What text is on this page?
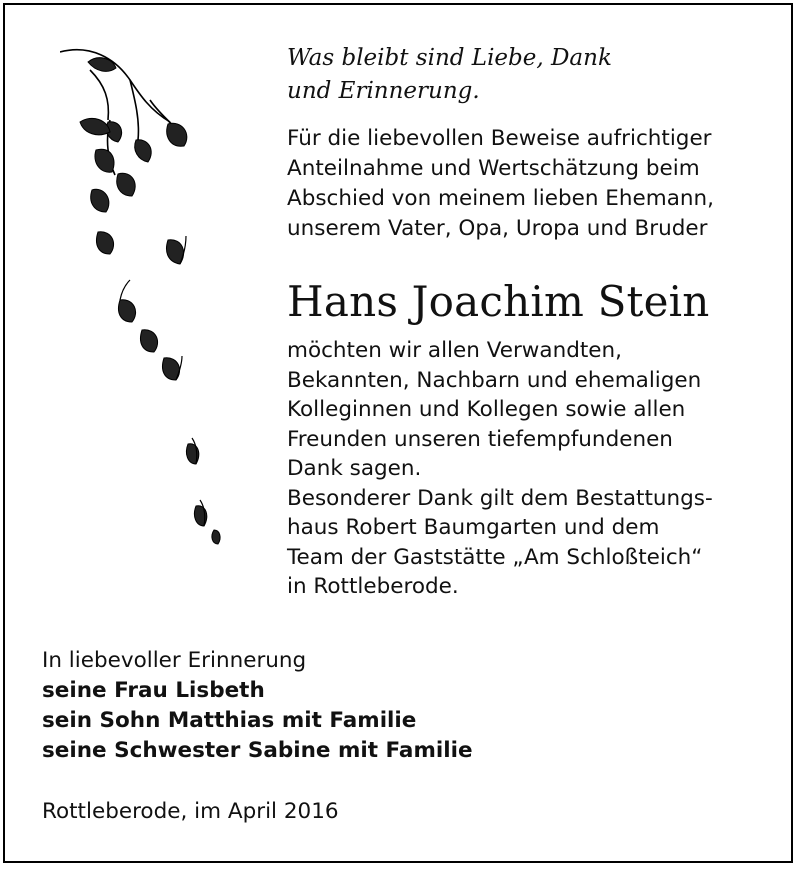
Was bleibt sind Liebe, Dank
und Erinnerung.
Für die liebevollen Beweise aufrichtiger
Anteilnahme und Wertschätzung beim
Abschied von meinem lieben Ehemann,
unserem Vater, Opa, Uropa und Bruder
Hans Joachim Stein
möchten wir allen Verwandten,
Bekannten, Nachbarn und ehemaligen
Kolleginnen und Kollegen sowie allen
Freunden unseren tiefempfundenen
Dank sagen.
Besonderer Dank gilt dem Bestattungs-
haus Robert Baumgarten und dem
Team der Gaststätte „Am Schloßteich“
in Rottleberode.
In liebevoller Erinnerung
seine Frau Lisbeth
sein Sohn Matthias mit Familie
seine Schwester Sabine mit Familie
Rottleberode, im April 2016
